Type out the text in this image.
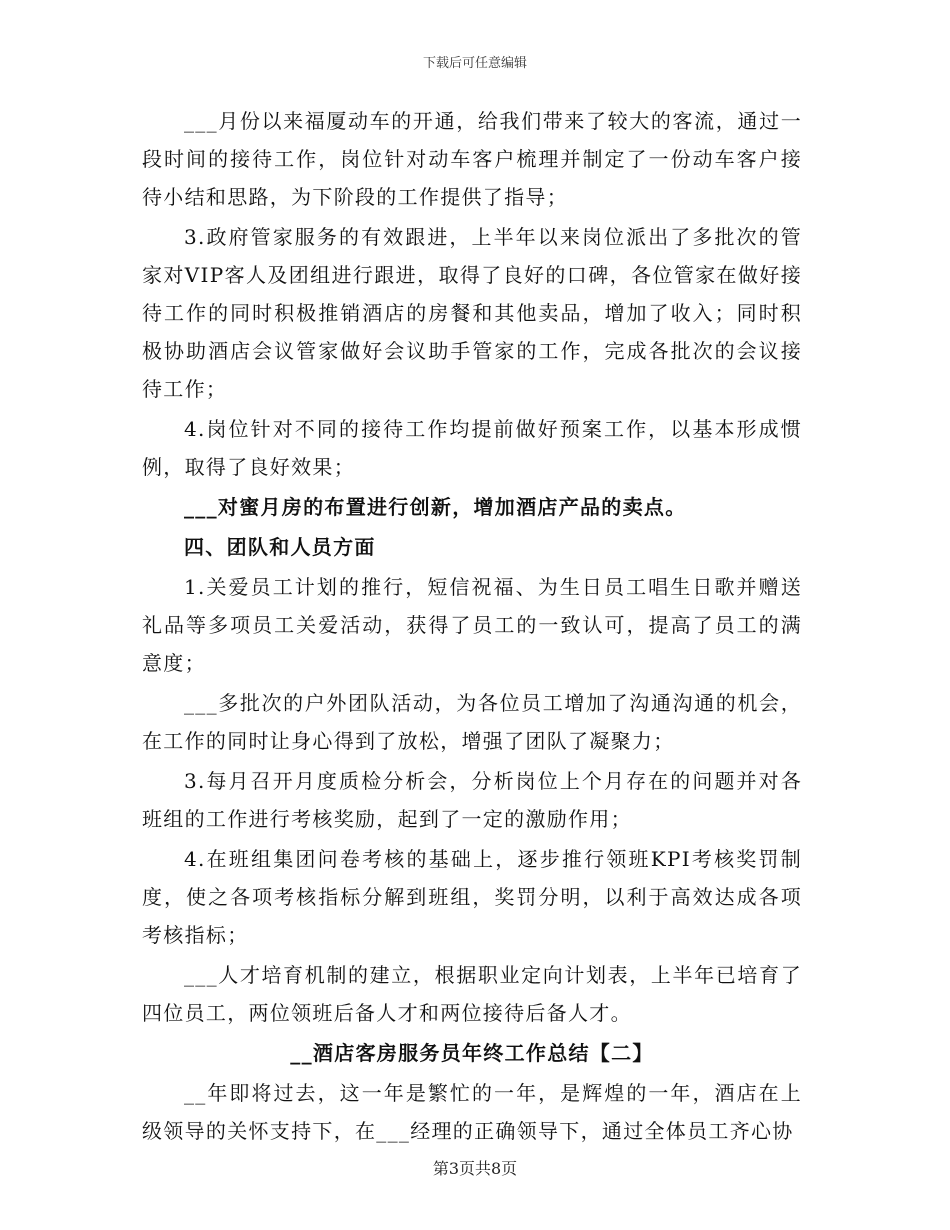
下载后可任意编辑

___月份以来福厦动车的开通，给我们带来了较大的客流，通过一段时间的接待工作，岗位针对动车客户梳理并制定了一份动车客户接待小结和思路，为下阶段的工作提供了指导；

3.政府管家服务的有效跟进，上半年以来岗位派出了多批次的管家对VIP客人及团组进行跟进，取得了良好的口碑，各位管家在做好接待工作的同时积极推销酒店的房餐和其他卖品，增加了收入；同时积极协助酒店会议管家做好会议助手管家的工作，完成各批次的会议接待工作；

4.岗位针对不同的接待工作均提前做好预案工作，以基本形成惯例，取得了良好效果；

___对蜜月房的布置进行创新，增加酒店产品的卖点。

四、团队和人员方面

1.关爱员工计划的推行，短信祝福、为生日员工唱生日歌并赠送礼品等多项员工关爱活动，获得了员工的一致认可，提高了员工的满意度；

___多批次的户外团队活动，为各位员工增加了沟通沟通的机会，在工作的同时让身心得到了放松，增强了团队了凝聚力；

3.每月召开月度质检分析会，分析岗位上个月存在的问题并对各班组的工作进行考核奖励，起到了一定的激励作用；

4.在班组集团问卷考核的基础上，逐步推行领班KPI考核奖罚制度，使之各项考核指标分解到班组，奖罚分明，以利于高效达成各项考核指标；

___人才培育机制的建立，根据职业定向计划表，上半年已培育了四位员工，两位领班后备人才和两位接待后备人才。

__酒店客房服务员年终工作总结【二】

__年即将过去，这一年是繁忙的一年，是辉煌的一年，酒店在上级领导的关怀支持下，在___经理的正确领导下，通过全体员工齐心协

第3页共8页
